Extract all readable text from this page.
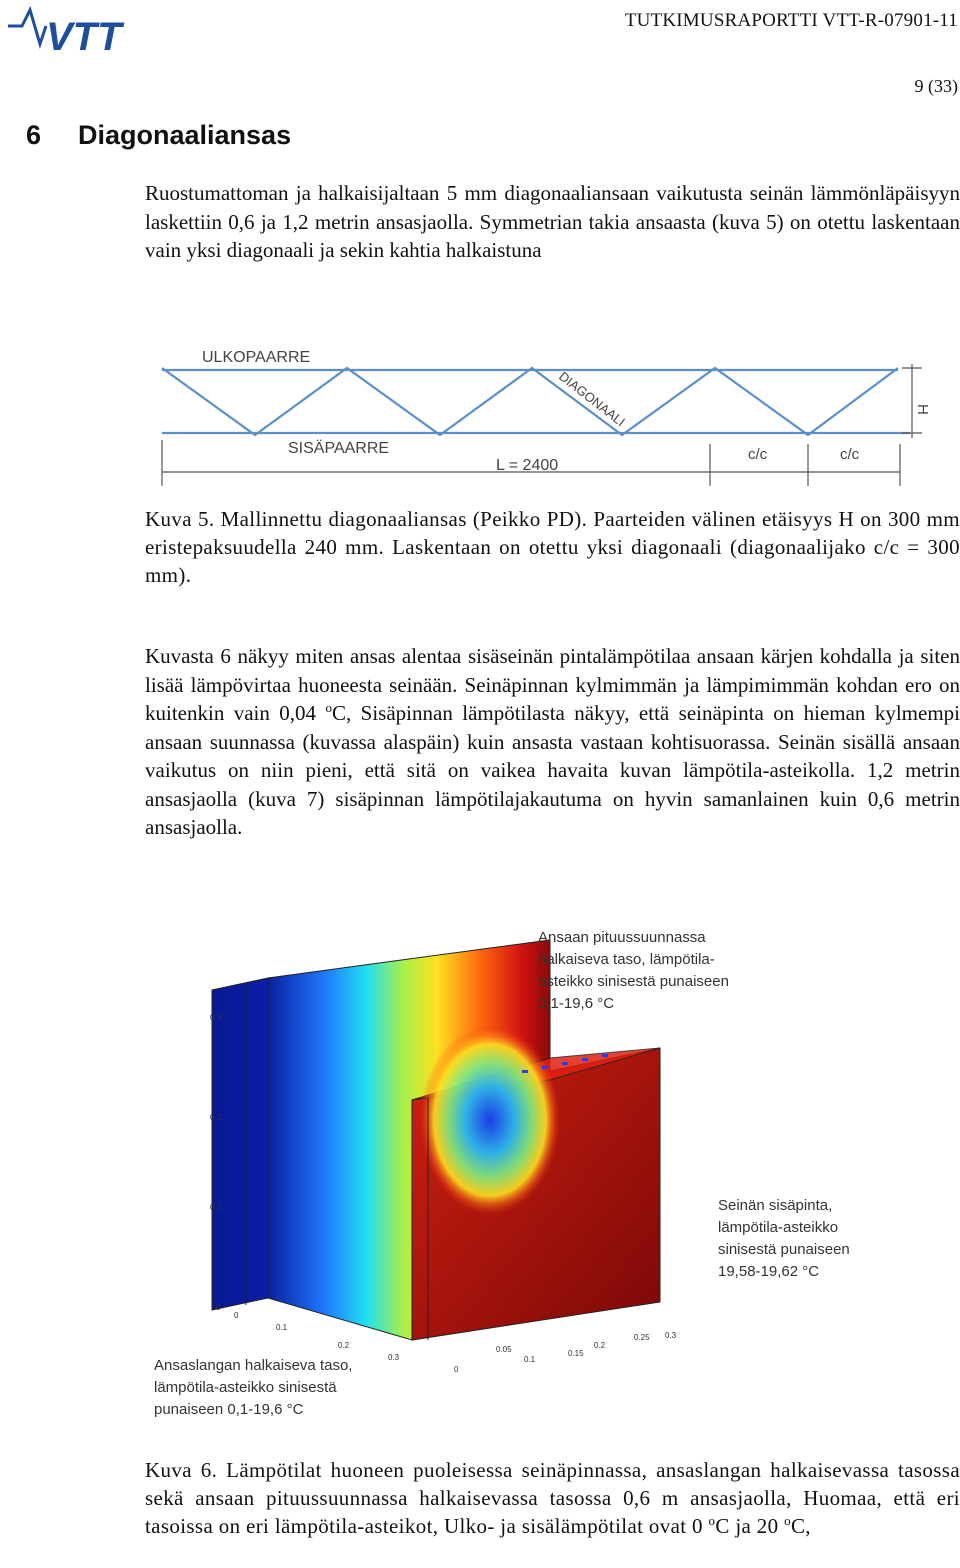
VTT	TUTKIMUSRAPORTTI VTT-R-07901-11
9 (33)
6 Diagonaaliansas
Ruostumattoman ja halkaisijaltaan 5 mm diagonaaliansaan vaikutusta seinän lämmönläpäisyyn laskettiin 0,6 ja 1,2 metrin ansasjaolla. Symmetrian takia ansaasta (kuva 5) on otettu laskentaan vain yksi diagonaali ja sekin kahtia halkaistuna
ULKOPAARRE
SISÄPAARRE
DIAGONAALI
L = 2400
c/c	c/c
H
Kuva 5. Mallinnettu diagonaaliansas (Peikko PD). Paarteiden välinen etäisyys H on 300 mm eristepaksuudella 240 mm. Laskentaan on otettu yksi diagonaali (diagonaalijako c/c = 300 mm).
Kuvasta 6 näkyy miten ansas alentaa sisäseinän pintalämpötilaa ansaan kärjen kohdalla ja siten lisää lämpövirtaa huoneesta seinään. Seinäpinnan kylmimmän ja lämpimimmän kohdan ero on kuitenkin vain 0,04 $^o$C, Sisäpinnan lämpötilasta näkyy, että seinäpinta on hieman kylmempi ansaan suunnassa (kuvassa alaspäin) kuin ansasta vastaan kohtisuorassa. Seinän sisällä ansaan vaikutus on niin pieni, että sitä on vaikea havaita kuvan lämpötila-asteikolla. 1,2 metrin ansasjaolla (kuva 7) sisäpinnan lämpötilajakautuma on hyvin samanlainen kuin 0,6 metrin ansasjaolla.
0.3
0.2
0.1
0
0
0.1
0.2
0.3
0
0.05
0.1
0.15
0.2
0.25 0.3
Ansaan pituussuunnassa
halkaiseva taso, lämpötila-
asteikko sinisestä punaiseen
0,1-19,6 °C
Seinän sisäpinta,
lämpötila-asteikko
sinisestä punaiseen
19,58-19,62 °C
Ansaslangan halkaiseva taso,
lämpötila-asteikko sinisestä
punaiseen 0,1-19,6 °C
Kuva 6. Lämpötilat huoneen puoleisessa seinäpinnassa, ansaslangan halkaisevassa tasossa sekä ansaan pituussuunnassa halkaisevassa tasossa 0,6 m ansasjaolla, Huomaa, että eri tasoissa on eri lämpötila-asteikot, Ulko- ja sisälämpötilat ovat 0 $^o$C ja 20 $^o$C,
